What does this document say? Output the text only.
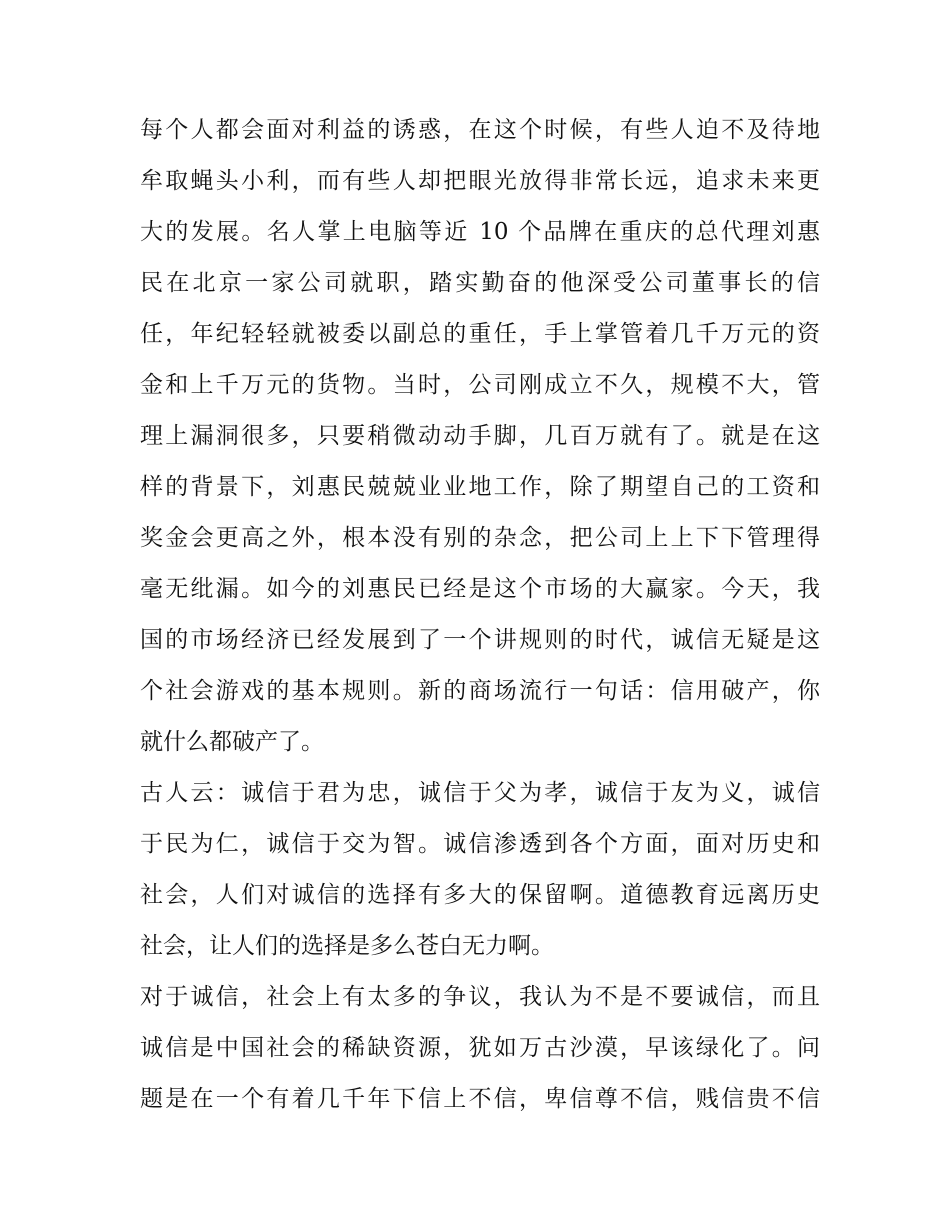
每个人都会面对利益的诱惑，在这个时候，有些人迫不及待地
牟取蝇头小利，而有些人却把眼光放得非常长远，追求未来更
大的发展。名人掌上电脑等近 10 个品牌在重庆的总代理刘惠
民在北京一家公司就职，踏实勤奋的他深受公司董事长的信
任，年纪轻轻就被委以副总的重任，手上掌管着几千万元的资
金和上千万元的货物。当时，公司刚成立不久，规模不大，管
理上漏洞很多，只要稍微动动手脚，几百万就有了。就是在这
样的背景下，刘惠民兢兢业业地工作，除了期望自己的工资和
奖金会更高之外，根本没有别的杂念，把公司上上下下管理得
毫无纰漏。如今的刘惠民已经是这个市场的大赢家。今天，我
国的市场经济已经发展到了一个讲规则的时代，诚信无疑是这
个社会游戏的基本规则。新的商场流行一句话：信用破产，你
就什么都破产了。
古人云：诚信于君为忠，诚信于父为孝，诚信于友为义，诚信
于民为仁，诚信于交为智。诚信渗透到各个方面，面对历史和
社会，人们对诚信的选择有多大的保留啊。道德教育远离历史
社会，让人们的选择是多么苍白无力啊。
对于诚信，社会上有太多的争议，我认为不是不要诚信，而且
诚信是中国社会的稀缺资源，犹如万古沙漠，早该绿化了。问
题是在一个有着几千年下信上不信，卑信尊不信，贱信贵不信
